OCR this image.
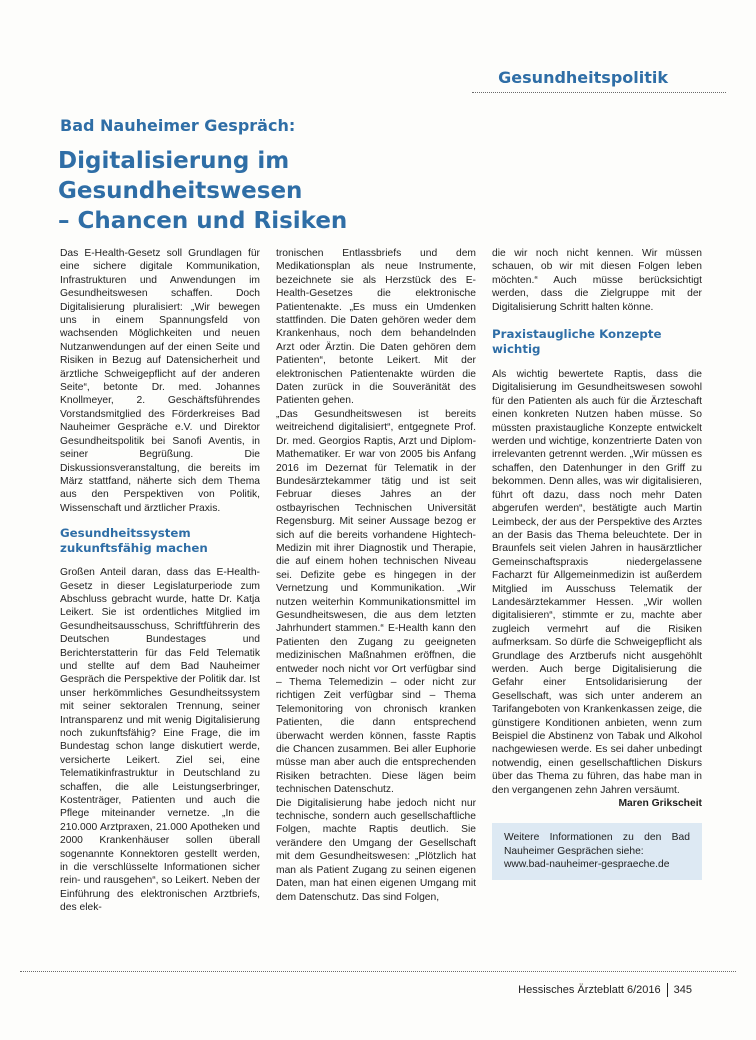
Gesundheitspolitik
Bad Nauheimer Gespräch:
Digitalisierung im Gesundheitswesen
– Chancen und Risiken

Das E-Health-Gesetz soll Grundlagen für eine sichere digitale Kommunikation, Infrastrukturen und Anwendungen im Gesundheitswesen schaffen. Doch Digitalisierung pluralisiert: „Wir bewegen uns in einem Spannungsfeld von wachsenden Möglichkeiten und neuen Nutzanwendungen auf der einen Seite und Risiken in Bezug auf Datensicherheit und ärztliche Schweigepflicht auf der anderen Seite“, betonte Dr. med. Johannes Knollmeyer, 2. Geschäftsführendes Vorstandsmitglied des Förderkreises Bad Nauheimer Gespräche e.V. und Direktor Gesundheitspolitik bei Sanofi Aventis, in seiner Begrüßung. Die Diskussionsveranstaltung, die bereits im März stattfand, näherte sich dem Thema aus den Perspektiven von Politik, Wissenschaft und ärztlicher Praxis.

Gesundheitssystem zukunftsfähig machen

Großen Anteil daran, dass das E-Health-Gesetz in dieser Legislaturperiode zum Abschluss gebracht wurde, hatte Dr. Katja Leikert. Sie ist ordentliches Mitglied im Gesundheitsausschuss, Schriftführerin des Deutschen Bundestages und Berichterstatterin für das Feld Telematik und stellte auf dem Bad Nauheimer Gespräch die Perspektive der Politik dar. Ist unser herkömmliches Gesundheitssystem mit seiner sektoralen Trennung, seiner Intransparenz und mit wenig Digitalisierung noch zukunftsfähig? Eine Frage, die im Bundestag schon lange diskutiert werde, versicherte Leikert. Ziel sei, eine Telematikinfrastruktur in Deutschland zu schaffen, die alle Leistungserbringer, Kostenträger, Patienten und auch die Pflege miteinander vernetze. „In die 210.000 Arztpraxen, 21.000 Apotheken und 2000 Krankenhäuser sollen überall sogenannte Konnektoren gestellt werden, in die verschlüsselte Informationen sicher rein- und rausgehen“, so Leikert. Neben der Einführung des elektronischen Arztbriefs, des elek-

tronischen Entlassbriefs und dem Medikationsplan als neue Instrumente, bezeichnete sie als Herzstück des E-Health-Gesetzes die elektronische Patientenakte. „Es muss ein Umdenken stattfinden. Die Daten gehören weder dem Krankenhaus, noch dem behandelnden Arzt oder Ärztin. Die Daten gehören dem Patienten“, betonte Leikert. Mit der elektronischen Patientenakte würden die Daten zurück in die Souveränität des Patienten gehen.

„Das Gesundheitswesen ist bereits weitreichend digitalisiert“, entgegnete Prof. Dr. med. Georgios Raptis, Arzt und Diplom-Mathematiker. Er war von 2005 bis Anfang 2016 im Dezernat für Telematik in der Bundesärztekammer tätig und ist seit Februar dieses Jahres an der ostbayrischen Technischen Universität Regensburg. Mit seiner Aussage bezog er sich auf die bereits vorhandene Hightech-Medizin mit ihrer Diagnostik und Therapie, die auf einem hohen technischen Niveau sei. Defizite gebe es hingegen in der Vernetzung und Kommunikation. „Wir nutzen weiterhin Kommunikationsmittel im Gesundheitswesen, die aus dem letzten Jahrhundert stammen.“ E-Health kann den Patienten den Zugang zu geeigneten medizinischen Maßnahmen eröffnen, die entweder noch nicht vor Ort verfügbar sind – Thema Telemedizin – oder nicht zur richtigen Zeit verfügbar sind – Thema Telemonitoring von chronisch kranken Patienten, die dann entsprechend überwacht werden können, fasste Raptis die Chancen zusammen. Bei aller Euphorie müsse man aber auch die entsprechenden Risiken betrachten. Diese lägen beim technischen Datenschutz.

Die Digitalisierung habe jedoch nicht nur technische, sondern auch gesellschaftliche Folgen, machte Raptis deutlich. Sie verändere den Umgang der Gesellschaft mit dem Gesundheitswesen: „Plötzlich hat man als Patient Zugang zu seinen eigenen Daten, man hat einen eigenen Umgang mit dem Datenschutz. Das sind Folgen,

die wir noch nicht kennen. Wir müssen schauen, ob wir mit diesen Folgen leben möchten.“ Auch müsse berücksichtigt werden, dass die Zielgruppe mit der Digitalisierung Schritt halten könne.

Praxistaugliche Konzepte wichtig

Als wichtig bewertete Raptis, dass die Digitalisierung im Gesundheitswesen sowohl für den Patienten als auch für die Ärzteschaft einen konkreten Nutzen haben müsse. So müssten praxistaugliche Konzepte entwickelt werden und wichtige, konzentrierte Daten von irrelevanten getrennt werden. „Wir müssen es schaffen, den Datenhunger in den Griff zu bekommen. Denn alles, was wir digitalisieren, führt oft dazu, dass noch mehr Daten abgerufen werden“, bestätigte auch Martin Leimbeck, der aus der Perspektive des Arztes an der Basis das Thema beleuchtete. Der in Braunfels seit vielen Jahren in hausärztlicher Gemeinschaftspraxis niedergelassene Facharzt für Allgemeinmedizin ist außerdem Mitglied im Ausschuss Telematik der Landesärztekammer Hessen. „Wir wollen digitalisieren“, stimmte er zu, machte aber zugleich vermehrt auf die Risiken aufmerksam. So dürfe die Schweigepflicht als Grundlage des Arztberufs nicht ausgehöhlt werden. Auch berge Digitalisierung die Gefahr einer Entsolidarisierung der Gesellschaft, was sich unter anderem an Tarifangeboten von Krankenkassen zeige, die günstigere Konditionen anbieten, wenn zum Beispiel die Abstinenz von Tabak und Alkohol nachgewiesen werde. Es sei daher unbedingt notwendig, einen gesellschaftlichen Diskurs über das Thema zu führen, das habe man in den vergangenen zehn Jahren versäumt.

Maren Grikscheit

Weitere Informationen zu den Bad Nauheimer Gesprächen siehe:
www.bad-nauheimer-gespraeche.de
Hessisches Ärzteblatt 6/2016 345
